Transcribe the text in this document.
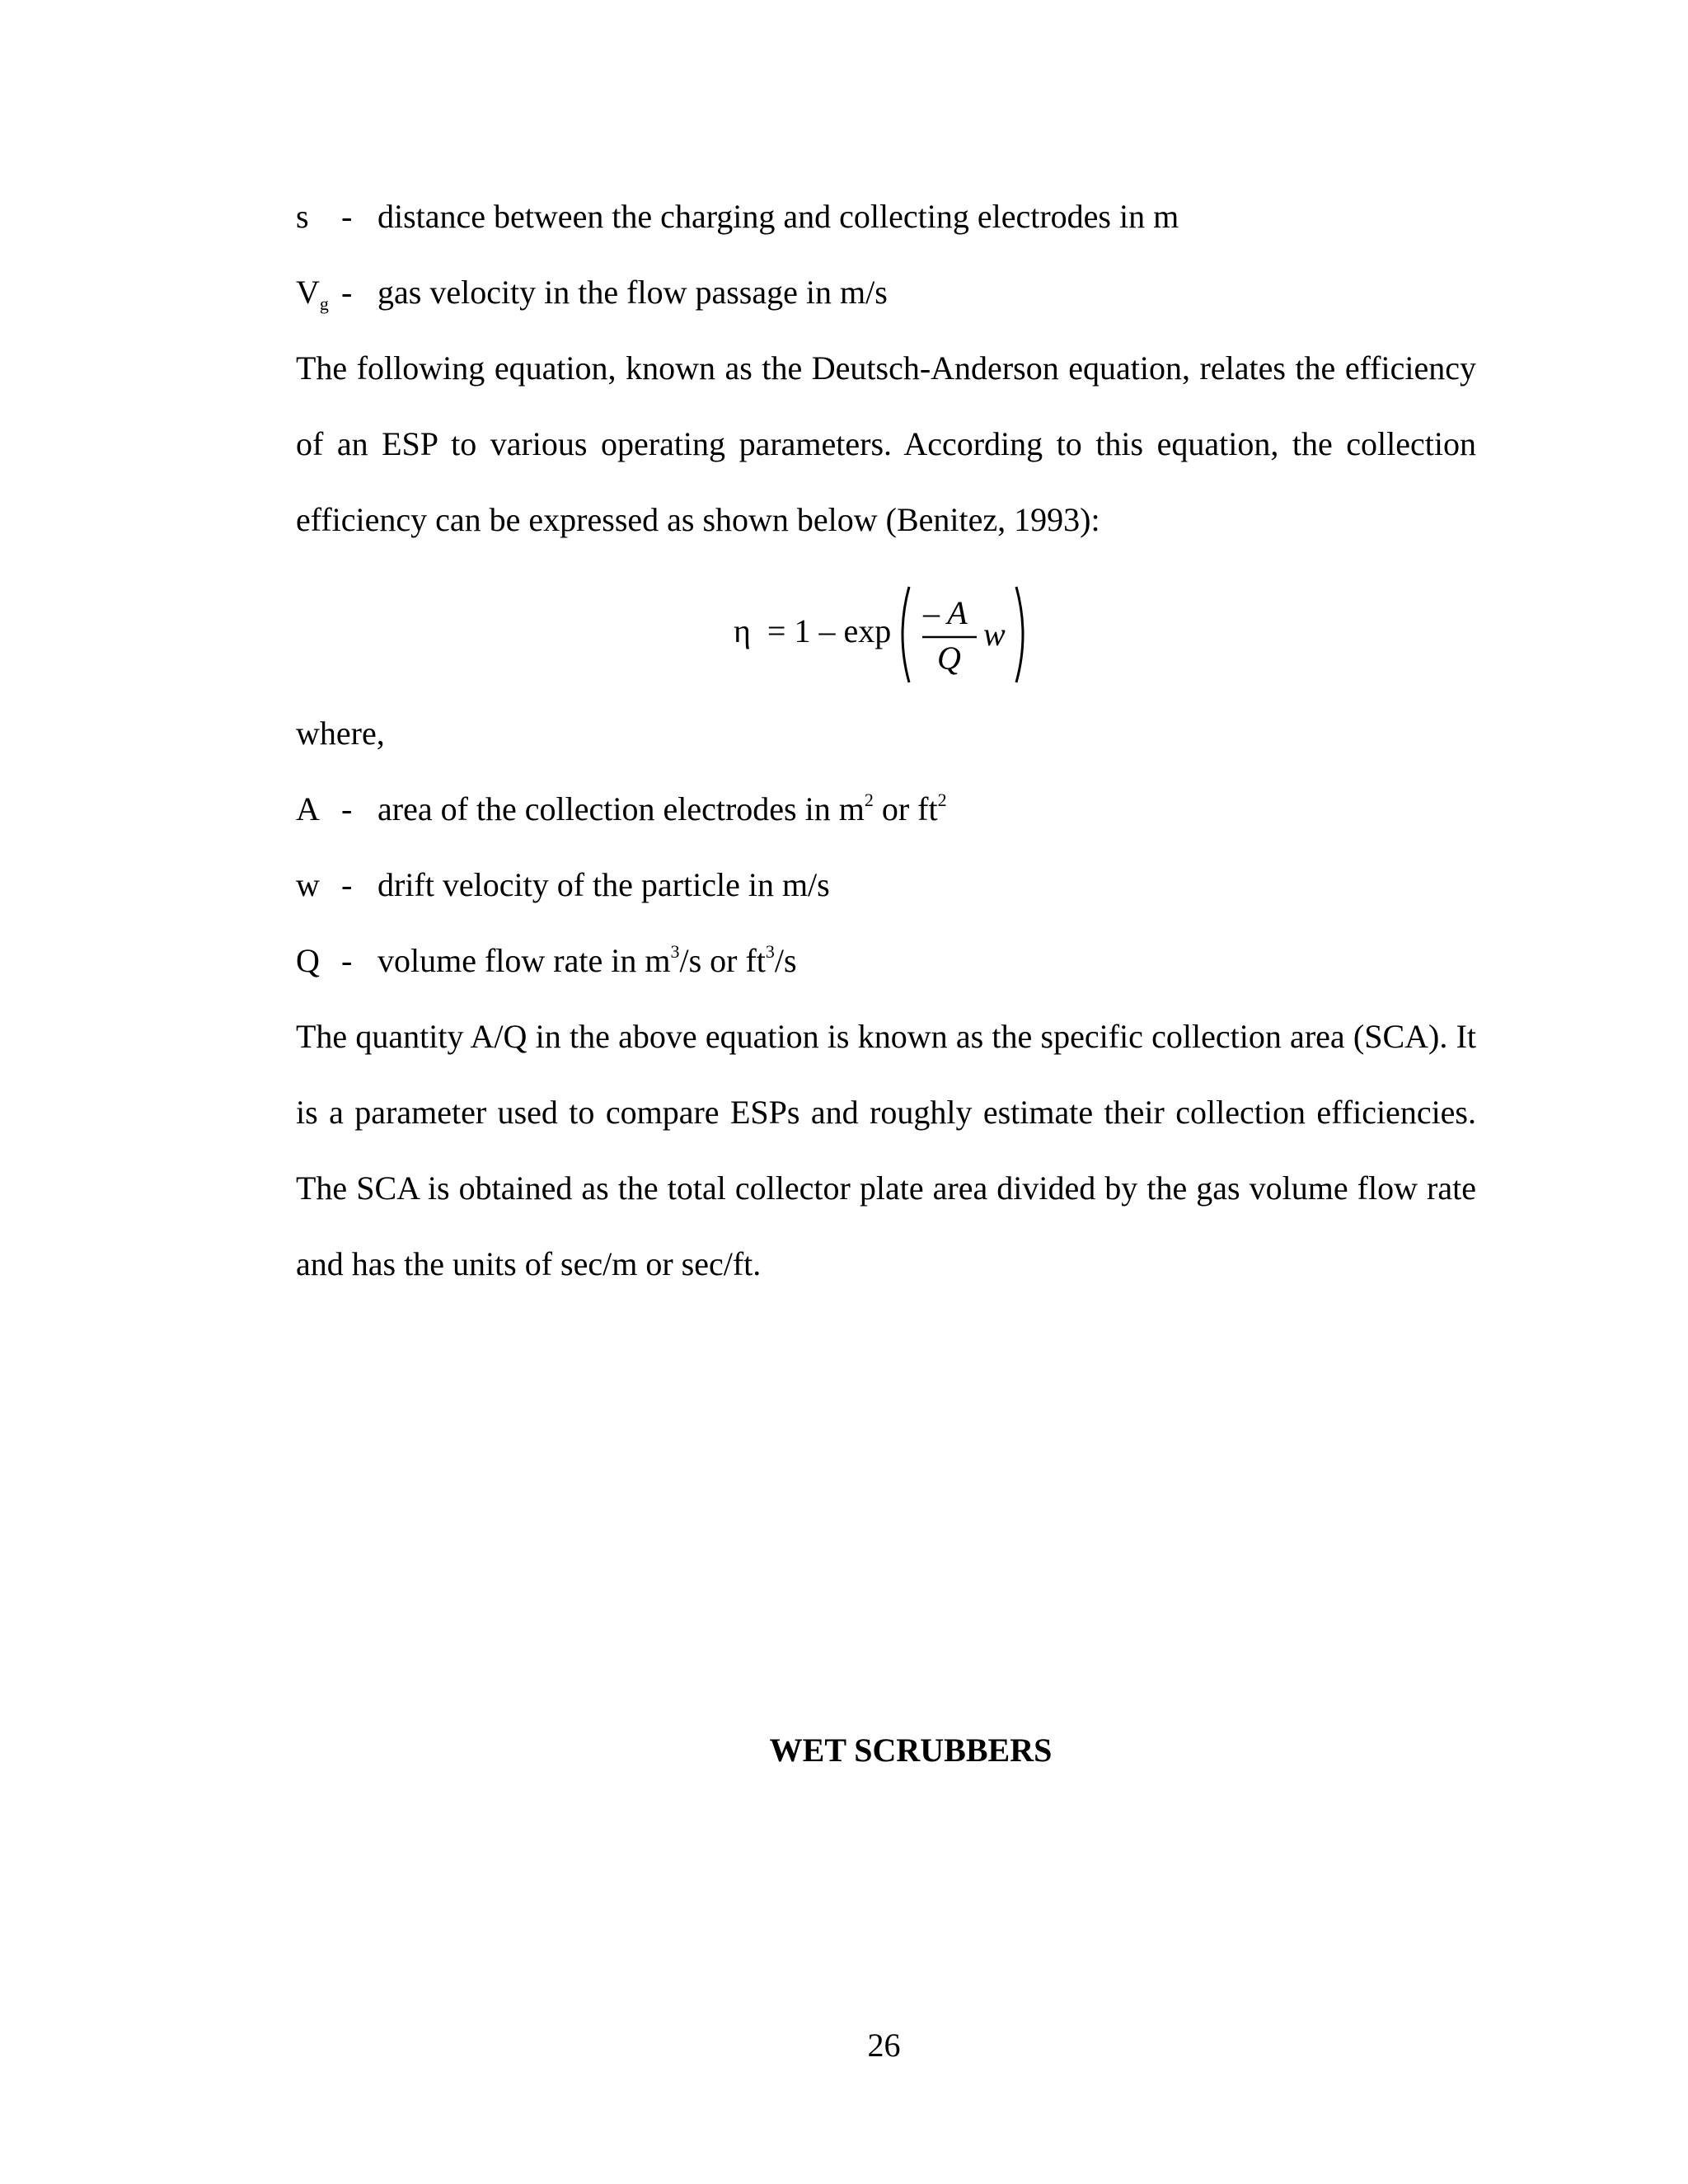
s - distance between the charging and collecting electrodes in m
$V_g$ - gas velocity in the flow passage in m/s
The following equation, known as the Deutsch-Anderson equation, relates the efficiency
of an ESP to various operating parameters. According to this equation, the collection
efficiency can be expressed as shown below (Benitez, 1993):
η = 1 – exp – A
Q
w
where,
A - area of the collection electrodes in $m^2$ or $ft^2$
w - drift velocity of the particle in m/s
Q - volume flow rate in $m^3/s$ or $ft^3/s$
The quantity A/Q in the above equation is known as the specific collection area (SCA). It
is a parameter used to compare ESPs and roughly estimate their collection efficiencies.
The SCA is obtained as the total collector plate area divided by the gas volume flow rate
and has the units of sec/m or sec/ft.
WET SCRUBBERS
26
